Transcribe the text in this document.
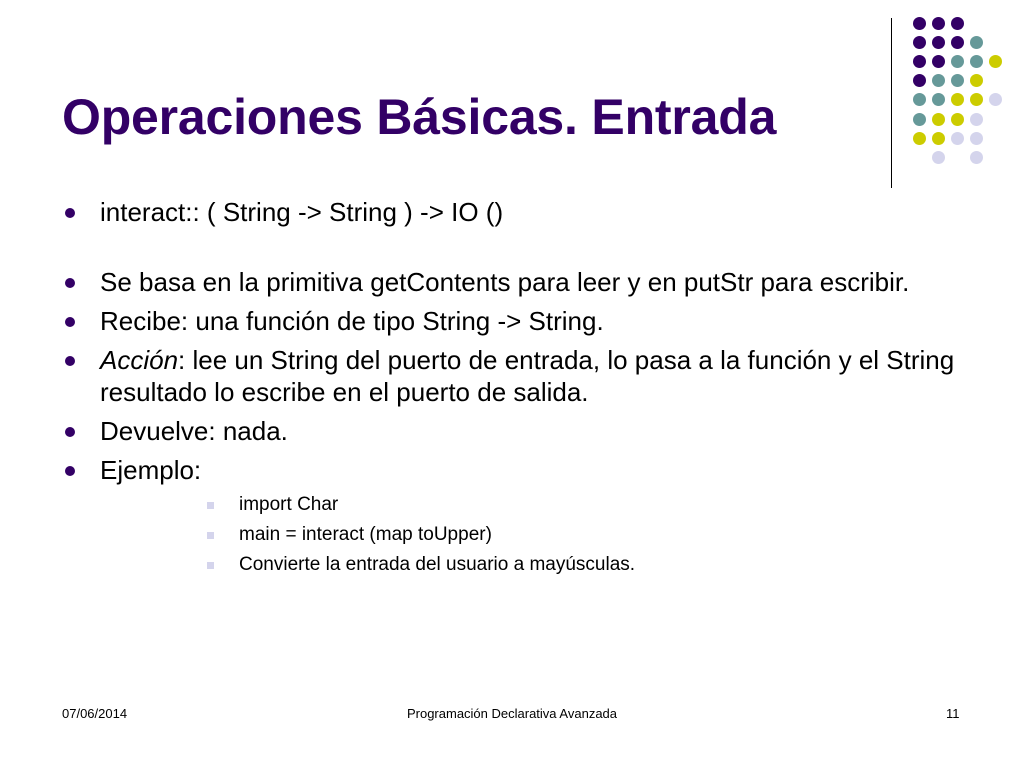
Operaciones Básicas. Entrada
interact:: ( String -> String ) -> IO ()
Se basa en la primitiva getContents para leer y en putStr para escribir.
Recibe: una función de tipo String -> String.
Acción: lee un String del puerto de entrada, lo pasa a la función y el String resultado lo escribe en el puerto de salida.
Devuelve: nada.
Ejemplo:
import Char
main = interact (map toUpper)
Convierte la entrada del usuario a mayúsculas.
07/06/2014	Programación Declarativa Avanzada	11
